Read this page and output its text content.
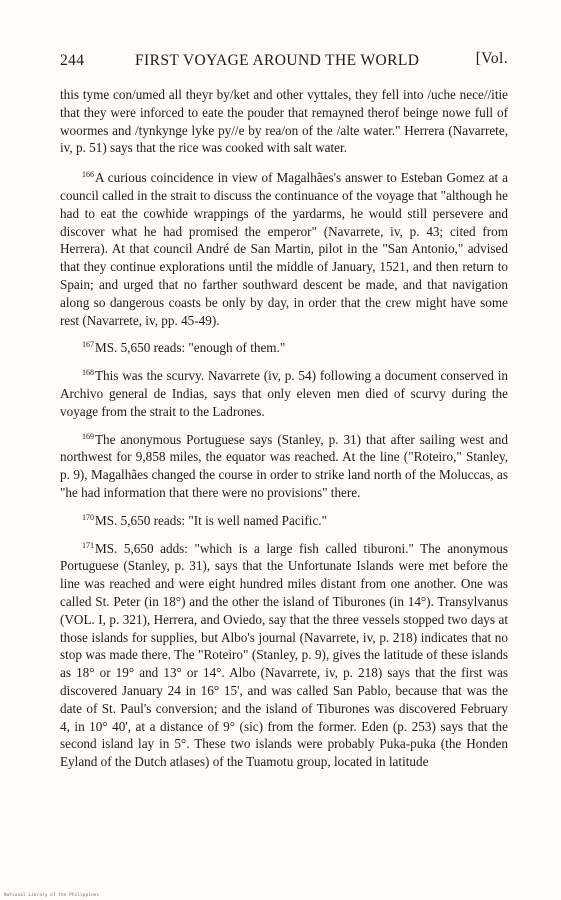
244	FIRST VOYAGE AROUND THE WORLD	[Vol.

this tyme con/umed all theyr by/ket and other vyttales, they fell into /uche nece//itie that they were inforced to eate the pouder that remayned therof beinge nowe full of woormes and /tynkynge lyke py//e by rea/on of the /alte water." Herrera (Navarrete, iv, p. 51) says that the rice was cooked with salt water.

$^{166}$A curious coincidence in view of Magalhães's answer to Esteban Gomez at a council called in the strait to discuss the continuance of the voyage that "although he had to eat the cowhide wrappings of the yardarms, he would still persevere and discover what he had promised the emperor" (Navarrete, iv, p. 43; cited from Herrera). At that council André de San Martin, pilot in the "San Antonio," advised that they continue explorations until the middle of January, 1521, and then return to Spain; and urged that no farther southward descent be made, and that navigation along so dangerous coasts be only by day, in order that the crew might have some rest (Navarrete, iv, pp. 45-49).

$^{167}$MS. 5,650 reads: "enough of them."

$^{168}$This was the scurvy. Navarrete (iv, p. 54) following a document conserved in Archivo general de Indias, says that only eleven men died of scurvy during the voyage from the strait to the Ladrones.

$^{169}$The anonymous Portuguese says (Stanley, p. 31) that after sailing west and northwest for 9,858 miles, the equator was reached. At the line ("Roteiro," Stanley, p. 9), Magalhães changed the course in order to strike land north of the Moluccas, as "he had information that there were no provisions" there.

$^{170}$MS. 5,650 reads: "It is well named Pacific."

$^{171}$MS. 5,650 adds: "which is a large fish called tiburoni." The anonymous Portuguese (Stanley, p. 31), says that the Unfortunate Islands were met before the line was reached and were eight hundred miles distant from one another. One was called St. Peter (in 18°) and the other the island of Tiburones (in 14°). Transylvanus (VOL. I, p. 321), Herrera, and Oviedo, say that the three vessels stopped two days at those islands for supplies, but Albo's journal (Navarrete, iv, p. 218) indicates that no stop was made there. The "Roteiro" (Stanley, p. 9), gives the latitude of these islands as 18° or 19° and 13° or 14°. Albo (Navarrete, iv, p. 218) says that the first was discovered January 24 in 16° 15', and was called San Pablo, because that was the date of St. Paul's conversion; and the island of Tiburones was discovered February 4, in 10° 40', at a distance of 9° (sic) from the former. Eden (p. 253) says that the second island lay in 5°. These two islands were probably Puka-puka (the Honden Eyland of the Dutch atlases) of the Tuamotu group, located in latitude

National Library of the Philippines
